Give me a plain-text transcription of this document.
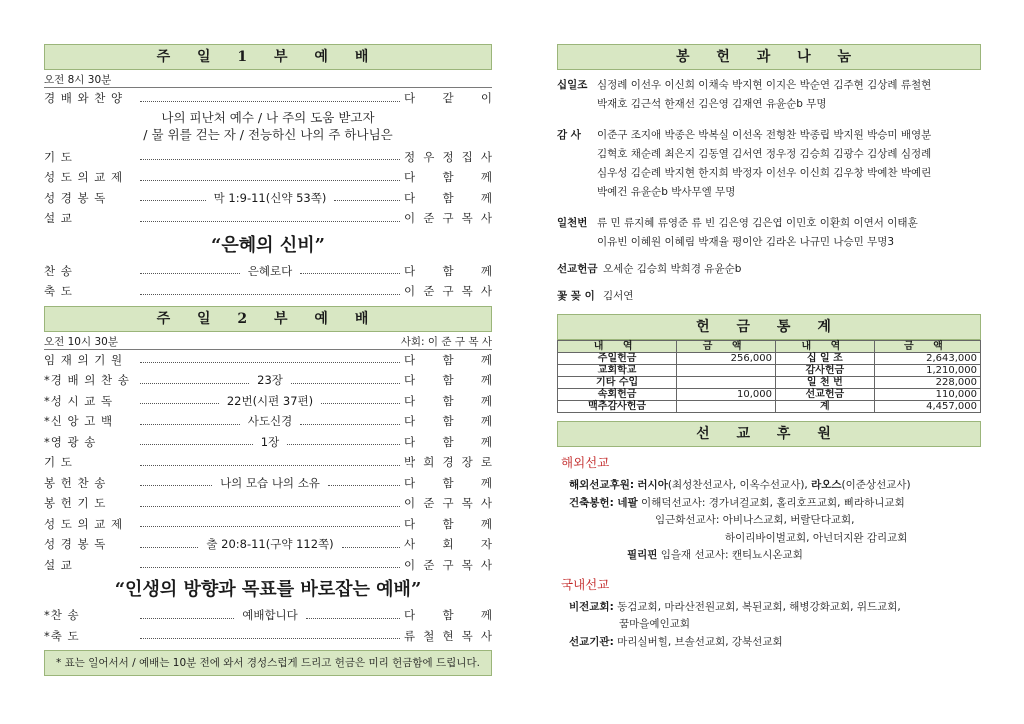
주 일 1 부 예 배
오전 8시 30분
경 배 와 찬 양	다 같 이
나의 피난처 예수 / 나 주의 도움 받고자
/ 물 위를 걷는 자 / 전능하신 나의 주 하나님은
기 도	정 우 정 집 사
성 도 의 교 제	다 함 께
성 경 봉 독	막 1:9-11(신약 53쪽)	다 함 께
설 교	이 준 구 목 사
“은혜의 신비”
찬 송	은혜로다	다 함 께
축 도	이 준 구 목 사
주 일 2 부 예 배
오전 10시 30분	사회: 이 준 구 목 사
임 재 의 기 원	다 함 께
*경 배 의 찬 송	23장	다 함 께
*성 시 교 독	22번(시편 37편)	다 함 께
*신 앙 고 백	사도신경	다 함 께
*영 광 송	1장	다 함 께
기 도	박 희 경 장 로
봉 헌 찬 송	나의 모습 나의 소유	다 함 께
봉 헌 기 도	이 준 구 목 사
성 도 의 교 제	다 함 께
성 경 봉 독	출 20:8-11(구약 112쪽)	사 회 자
설 교	이 준 구 목 사
“인생의 방향과 목표를 바로잡는 예배”
*찬 송	예배합니다	다 함 께
*축 도	류 철 현 목 사
* 표는 일어서서 / 예배는 10분 전에 와서 경성스럽게 드리고 헌금은 미리 헌금함에 드립니다.
봉 헌 과 나 눔
십일조 심정례 이선우 이신희 이채숙 박지현 이지은 박순연 김주현 김상례 류철현
박재호 김근석 한재선 김은영 김재연 유윤순b 무명
감 사	이준구 조지애 박종은 박복실 이선옥 전형찬 박종립 박지원 박승미 배영분
김혁호 채순례 최은지 김동열 김서연 정우정 김승희 김광수 김상례 심정례
심우성 김순례 박지현 한지희 박정자 이선우 이신희 김우창 박예찬 박예린
박예건 유윤순b 박사무엘 무명
일천번 류 민 류지혜 류영준 류 빈 김은영 김은엽 이민호 이환희 이연서 이태훈
이유빈 이혜원 이혜림 박재율 평이안 김라온 나규민 나승민 무명3
선교헌금 오세순 김승희 박희경 유윤순b
꽃 꽂 이 김서연
헌 금 통 계
내 역	금 액	내 역	금 액
주일헌금	256,000	십 일 조	2,643,000
교회학교		감사헌금	1,210,000
기타 수입		일 천 번	228,000
속회헌금	10,000	선교헌금	110,000
맥추감사헌금		계	4,457,000
선 교 후 원
해외선교
해외선교후원: 러시아(최성찬선교사, 이옥수선교사), 라오스(이준상선교사)
건축봉헌: 네팔 이해덕선교사: 경가녀걸교회, 홀리호프교회, 삐라하니교회
임근화선교사: 아비나스교회, 버랄단다교회,
하이리바이벌교회, 아넌더지완 감리교회
필리핀 임을재 선교사: 캔티뇨시온교회
국내선교
비전교회: 동검교회, 마라산전원교회, 복된교회, 해병강화교회, 위드교회,
꿈마을예인교회
선교기관: 마리실버힐, 브솔선교회, 강북선교회
